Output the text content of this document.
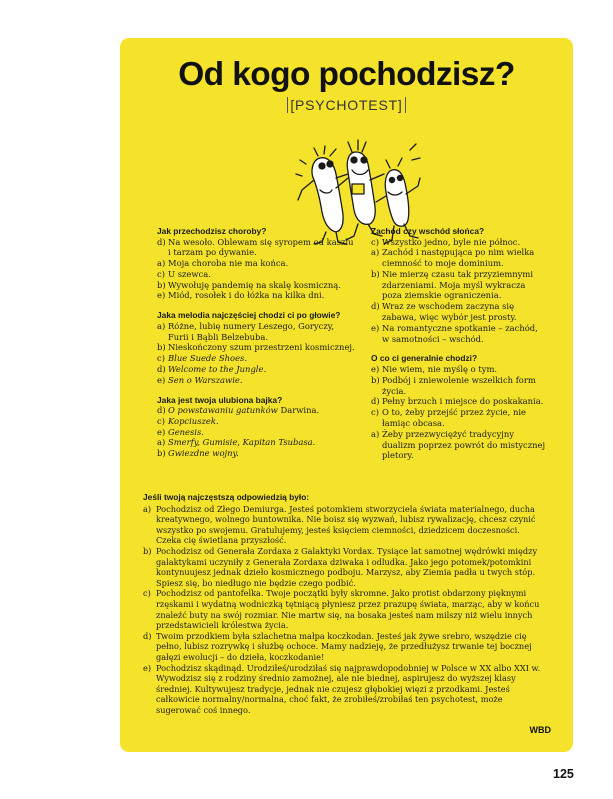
Od kogo pochodzisz?
[PSYCHOTEST]

Jak przechodzisz choroby?

d) Na wesoło. Oblewam się syropem od kaszlu i tarzam po dywanie.
a) Moja choroba nie ma końca.
c) U szewca.
b) Wywołuję pandemię na skalę kosmiczną.
e) Miód, rosołek i do łóżka na kilka dni.

Jaka melodia najczęściej chodzi ci po głowie?

a) Różne, lubię numery Leszego, Goryczy, Furii i Bąbli Belzebuba.
b) Nieskończony szum przestrzeni kosmicznej.
c) Blue Suede Shoes.
d) Welcome to the Jungle.
e) Sen o Warszawie.

Jaka jest twoja ulubiona bajka?

d) O powstawaniu gatunków Darwina.
c) Kopciuszek.
e) Genesis.
a) Smerfy, Gumisie, Kapitan Tsubasa.
b) Gwiezdne wojny.

Zachód czy wschód słońca?

c) Wszystko jedno, byle nie północ.
a) Zachód i następująca po nim wielka ciemność to moje dominium.
b) Nie mierzę czasu tak przyziemnymi zdarzeniami. Moja myśl wykracza poza ziemskie ograniczenia.
d) Wraz ze wschodem zaczyna się zabawa, więc wybór jest prosty.
e) Na romantyczne spotkanie – zachód, w samotności – wschód.

O co ci generalnie chodzi?

e) Nie wiem, nie myślę o tym.
b) Podbój i zniewolenie wszelkich form życia.
d) Pełny brzuch i miejsce do poskakania.
c) O to, żeby przejść przez życie, nie łamiąc obcasa.
a) Żeby przezwyciężyć tradycyjny dualizm poprzez powrót do mistycznej pletory.

Jeśli twoją najczęstszą odpowiedzią było:

a) Pochodzisz od Złego Demiurga. Jesteś potomkiem stworzyciela świata materialnego, ducha kreatywnego, wolnego buntownika. Nie boisz się wyzwań, lubisz rywalizację, chcesz czynić wszystko po swojemu. Gratulujemy, jesteś księciem ciemności, dziedzicem doczesności. Czeka cię świetlana przyszłość.
b) Pochodzisz od Generała Zordaxa z Galaktyki Vordax. Tysiące lat samotnej wędrówki między galaktykami uczyniły z Generała Zordaxa dziwaka i odludka. Jako jego potomek/potomkini kontynuujesz jednak dzieło kosmicznego podboju. Marzysz, aby Ziemia padła u twych stóp. Spiesz się, bo niedługo nie będzie czego podbić.
c) Pochodzisz od pantofelka. Twoje początki były skromne. Jako protist obdarzony pięknymi rzęskami i wydatną wodniczką tętniącą płyniesz przez prazupę świata, marząc, aby w końcu znaleźć buty na swój rozmiar. Nie martw się, na bosaka jesteś nam milszy niż wielu innych przedstawicieli królestwa życia.
d) Twoim przodkiem była szlachetna małpa koczkodan. Jesteś jak żywe srebro, wszędzie cię pełno, lubisz rozrywkę i służbę ochoce. Mamy nadzieję, że przedłużysz trwanie tej bocznej gałęzi ewolucji – do dzieła, koczkodanie!
e) Pochodzisz skądinąd. Urodziłeś/urodziłaś się najprawdopodobniej w Polsce w XX albo XXI w. Wywodzisz się z rodziny średnio zamożnej, ale nie biednej, aspirujesz do wyższej klasy średniej. Kultywujesz tradycje, jednak nie czujesz głębokiej więzi z przodkami. Jesteś całkowicie normalny/normalna, choć fakt, że zrobiłeś/zrobiłaś ten psychotest, może sugerować coś innego.
WBD
125
